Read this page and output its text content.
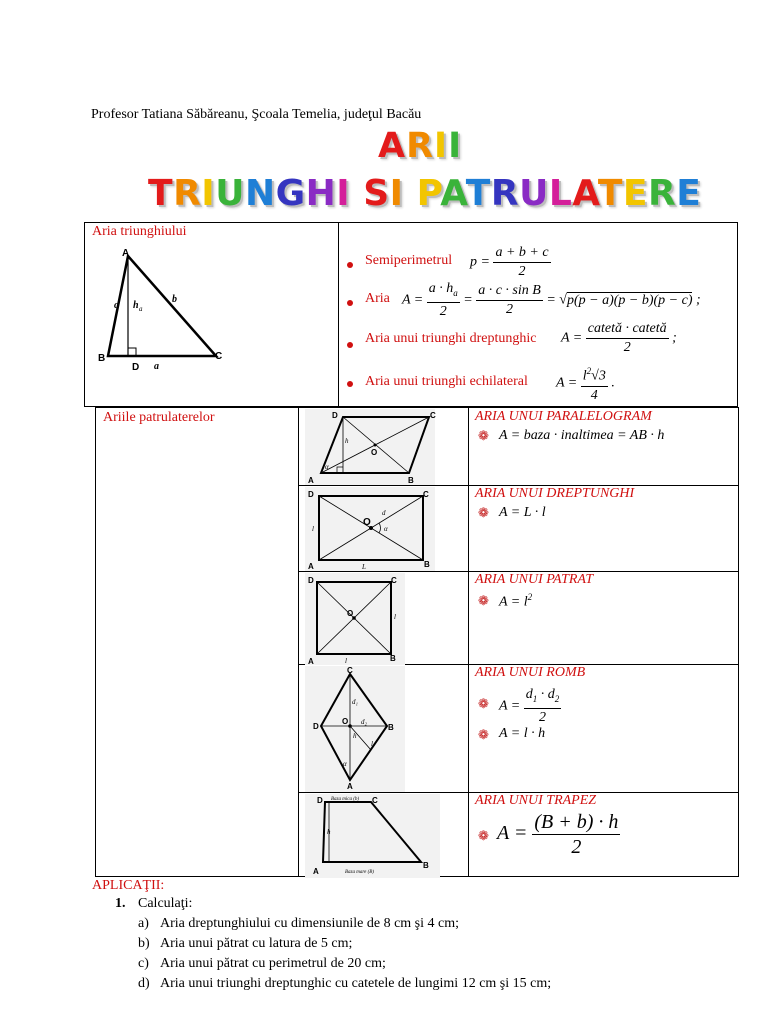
Profesor Tatiana Săbăreanu, Şcoala Temelia, judeţul Bacău
ARII
TRIUNGHI SI PATRULATERE
Aria triunghiului
A
B	C
D
c
b
a
h a
Semiperimetrul $p = \frac{a + b + c}{2}$
Aria $A = \frac{a \cdot h_a}{2} = \frac{\text{a · c · sin B}}{2} = √p(p - a)(p - b)(p - c)$ ;
Aria unui triunghi dreptunghic $A = \frac{\text{catetă · catetă}}{2}$ ;
Aria unui triunghi echilateral $A = \frac{l^2√3}{4}$ .
Ariile patrulaterelor	D	C
A	B
O
h
α
ARIA UNUI PARALELOGRAM
❁ A = baza · inaltimea = AB · h
D	C
A	B
O
d
α
l
L
ARIA UNUI DREPTUNGHI
❁ A = L · l
D	C
A	B
O	l
l
ARIA UNUI PATRAT
❁ $A = l^2$
C
D	B
A
O
d₁
d₂
h
l
α
ARIA UNUI ROMB
❁ $A = \frac{d_1 \cdot d_2}{2}$
❁ A = l · h
D	C
A
B
h
Baza mica (b)
Baza mare (B)
ARIA UNUI TRAPEZ
❁ $A = \frac{(B + b) \cdot h}{2}$
APLICAŢII:
1. Calculaţi:
a) Aria dreptunghiului cu dimensiunile de 8 cm şi 4 cm;
b) Aria unui pătrat cu latura de 5 cm;
c) Aria unui pătrat cu perimetrul de 20 cm;
d) Aria unui triunghi dreptunghic cu catetele de lungimi 12 cm şi 15 cm;
